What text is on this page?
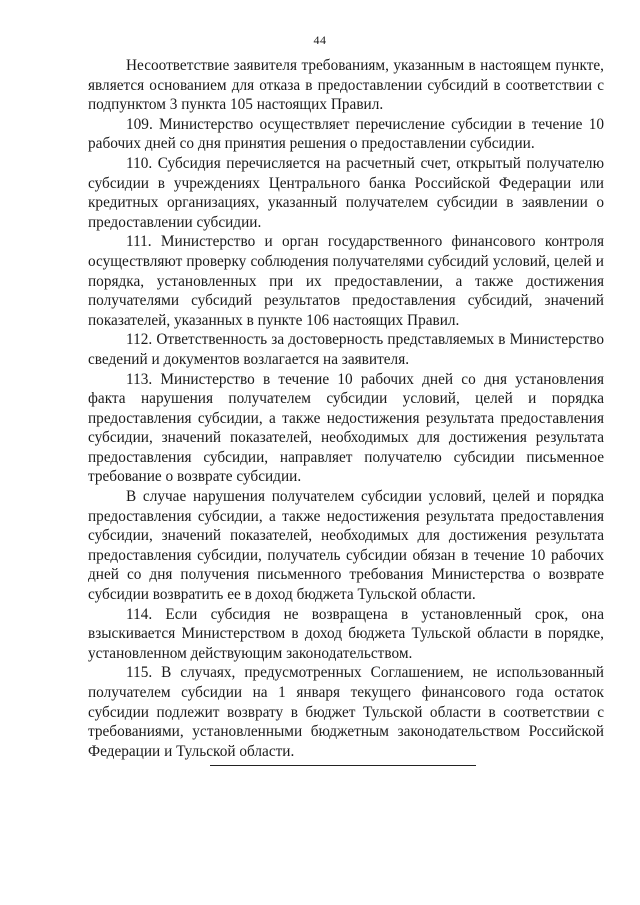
44

Несоответствие заявителя требованиям, указанным в настоящем пункте, является основанием для отказа в предоставлении субсидий в соответствии с подпунктом 3 пункта 105 настоящих Правил.

109. Министерство осуществляет перечисление субсидии в течение 10 рабочих дней со дня принятия решения о предоставлении субсидии.

110. Субсидия перечисляется на расчетный счет, открытый получателю субсидии в учреждениях Центрального банка Российской Федерации или кредитных организациях, указанный получателем субсидии в заявлении о предоставлении субсидии.

111. Министерство и орган государственного финансового контроля осуществляют проверку соблюдения получателями субсидий условий, целей и порядка, установленных при их предоставлении, а также достижения получателями субсидий результатов предоставления субсидий, значений показателей, указанных в пункте 106 настоящих Правил.

112. Ответственность за достоверность представляемых в Министерство сведений и документов возлагается на заявителя.

113. Министерство в течение 10 рабочих дней со дня установления факта нарушения получателем субсидии условий, целей и порядка предоставления субсидии, а также недостижения результата предоставления субсидии, значений показателей, необходимых для достижения результата предоставления субсидии, направляет получателю субсидии письменное требование о возврате субсидии.

В случае нарушения получателем субсидии условий, целей и порядка предоставления субсидии, а также недостижения результата предоставления субсидии, значений показателей, необходимых для достижения результата предоставления субсидии, получатель субсидии обязан в течение 10 рабочих дней со дня получения письменного требования Министерства о возврате субсидии возвратить ее в доход бюджета Тульской области.

114. Если субсидия не возвращена в установленный срок, она взыскивается Министерством в доход бюджета Тульской области в порядке, установленном действующим законодательством.

115. В случаях, предусмотренных Соглашением, не использованный получателем субсидии на 1 января текущего финансового года остаток субсидии подлежит возврату в бюджет Тульской области в соответствии с требованиями, установленными бюджетным законодательством Российской Федерации и Тульской области.
